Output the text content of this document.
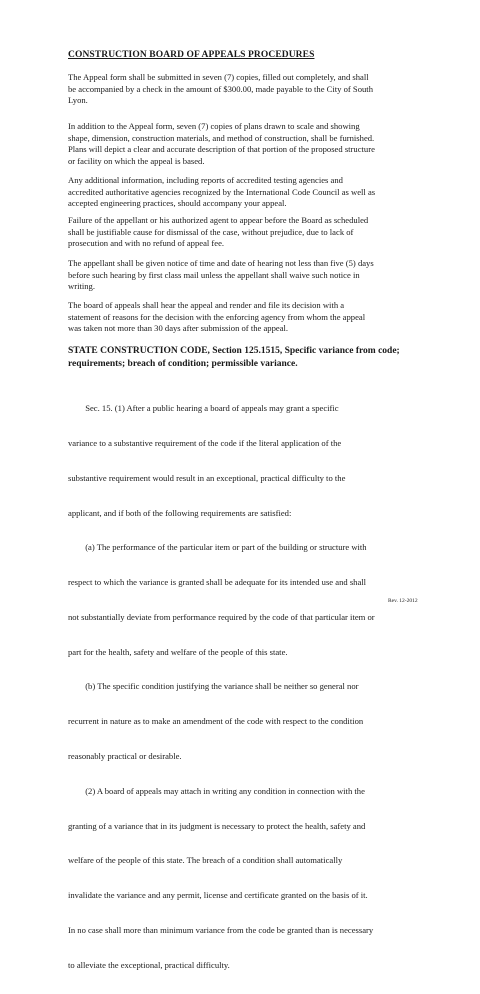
CONSTRUCTION BOARD OF APPEALS PROCEDURES
The Appeal form shall be submitted in seven (7) copies, filled out completely, and shall
be accompanied by a check in the amount of $300.00, made payable to the City of South
Lyon.
In addition to the Appeal form, seven (7) copies of plans drawn to scale and showing
shape, dimension, construction materials, and method of construction, shall be furnished.
Plans will depict a clear and accurate description of that portion of the proposed structure
or facility on which the appeal is based.
Any additional information, including reports of accredited testing agencies and
accredited authoritative agencies recognized by the International Code Council as well as
accepted engineering practices, should accompany your appeal.
Failure of the appellant or his authorized agent to appear before the Board as scheduled
shall be justifiable cause for dismissal of the case, without prejudice, due to lack of
prosecution and with no refund of appeal fee.
The appellant shall be given notice of time and date of hearing not less than five (5) days
before such hearing by first class mail unless the appellant shall waive such notice in
writing.
The board of appeals shall hear the appeal and render and file its decision with a
statement of reasons for the decision with the enforcing agency from whom the appeal
was taken not more than 30 days after submission of the appeal.
STATE CONSTRUCTION CODE, Section 125.1515, Specific variance from code;
requirements; breach of condition; permissible variance.

Sec. 15. (1) After a public hearing a board of appeals may grant a specific

variance to a substantive requirement of the code if the literal application of the

substantive requirement would result in an exceptional, practical difficulty to the

applicant, and if both of the following requirements are satisfied:

(a) The performance of the particular item or part of the building or structure with

respect to which the variance is granted shall be adequate for its intended use and shall

not substantially deviate from performance required by the code of that particular item or

part for the health, safety and welfare of the people of this state.

(b) The specific condition justifying the variance shall be neither so general nor

recurrent in nature as to make an amendment of the code with respect to the condition

reasonably practical or desirable.

(2) A board of appeals may attach in writing any condition in connection with the

granting of a variance that in its judgment is necessary to protect the health, safety and

welfare of the people of this state. The breach of a condition shall automatically

invalidate the variance and any permit, license and certificate granted on the basis of it.

In no case shall more than minimum variance from the code be granted than is necessary

to alleviate the exceptional, practical difficulty.

Rev. 12-2012
